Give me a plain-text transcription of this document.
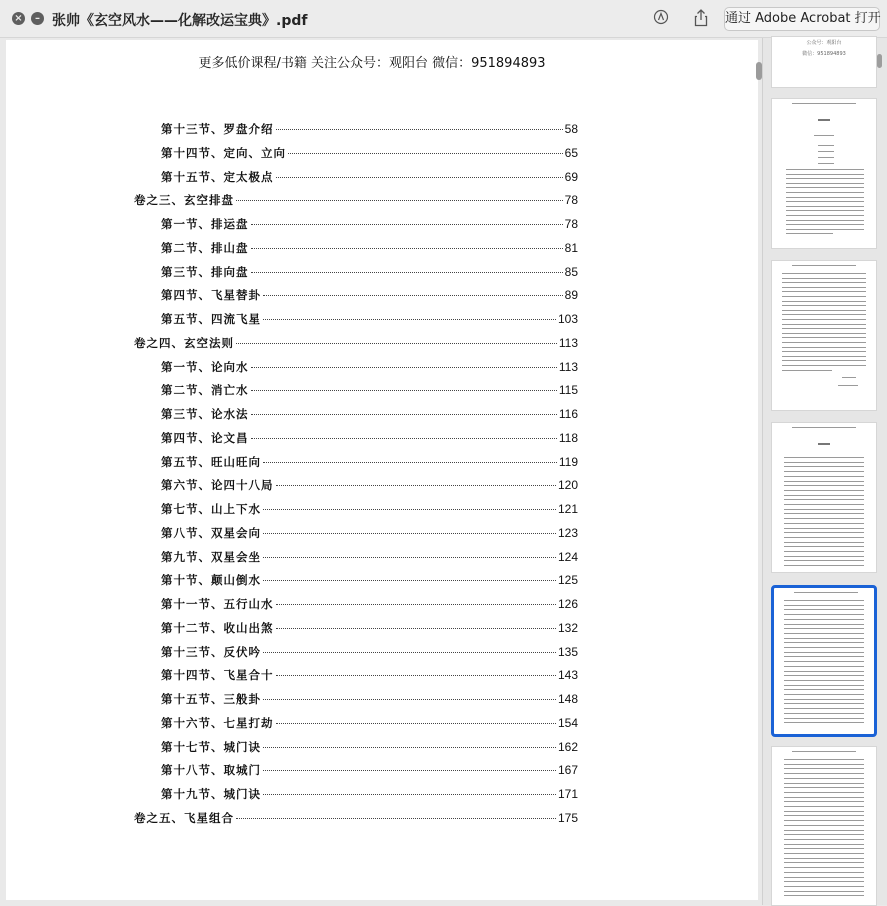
×	– 张帅《玄空风水——化解改运宝典》.pdf	通过 Adobe Acrobat 打开
更多低价课程/书籍 关注公众号：观阳台 微信：951894893
第十三节、罗盘介绍	58
第十四节、定向、立向	65
第十五节、定太极点	69
卷之三、玄空排盘	78
第一节、排运盘	78
第二节、排山盘	81
第三节、排向盘	85
第四节、飞星替卦	89
第五节、四流飞星	103
卷之四、玄空法则	113
第一节、论向水	113
第二节、消亡水	115
第三节、论水法	116
第四节、论文昌	118
第五节、旺山旺向	119
第六节、论四十八局	120
第七节、山上下水	121
第八节、双星会向	123
第九节、双星会坐	124
第十节、颠山倒水	125
第十一节、五行山水	126
第十二节、收山出煞	132
第十三节、反伏吟	135
第十四节、飞星合十	143
第十五节、三般卦	148
第十六节、七星打劫	154
第十七节、城门诀	162
第十八节、取城门	167
第十九节、城门诀	171
卷之五、飞星组合	175
公众号：观阳台
微信：951894893
